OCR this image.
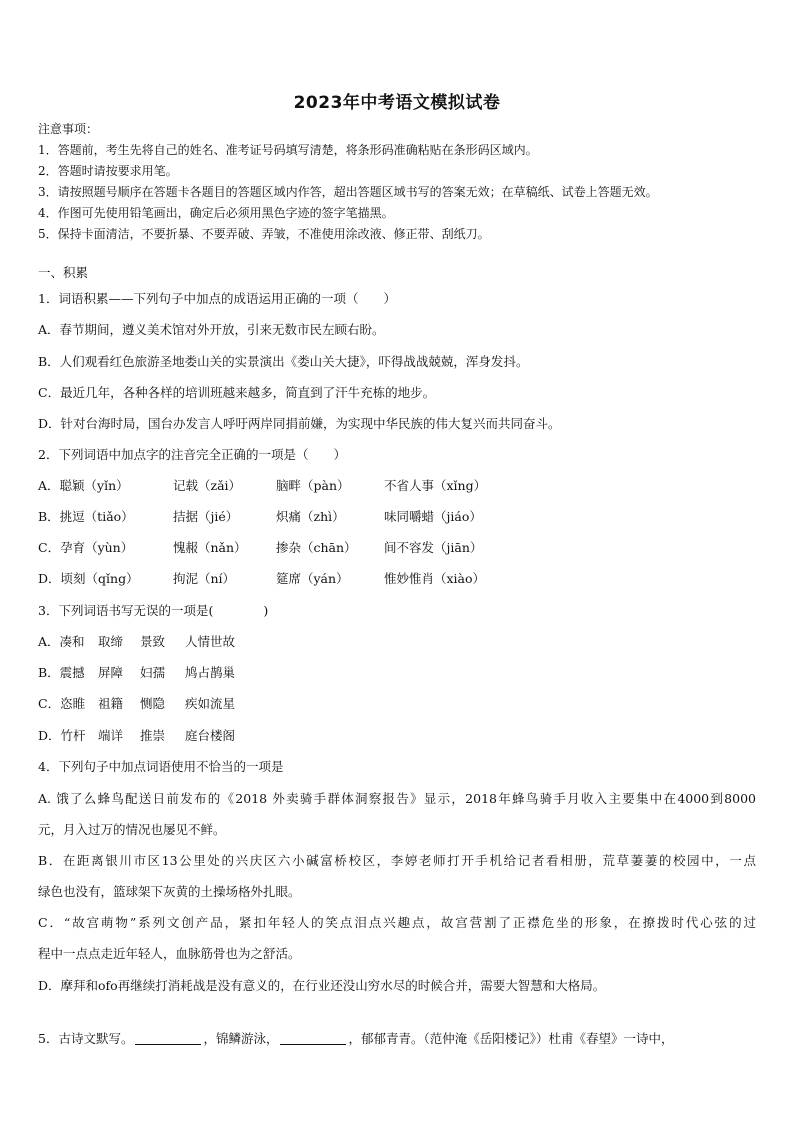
2023年中考语文模拟试卷
注意事项：
1．答题前，考生先将自己的姓名、准考证号码填写清楚，将条形码准确粘贴在条形码区域内。
2．答题时请按要求用笔。
3．请按照题号顺序在答题卡各题目的答题区域内作答，超出答题区域书写的答案无效；在草稿纸、试卷上答题无效。
4．作图可先使用铅笔画出，确定后必须用黑色字迹的签字笔描黑。
5．保持卡面清洁，不要折暴、不要弄破、弄皱，不准使用涂改液、修正带、刮纸刀。
一、积累
1．词语积累——下列句子中加点的成语运用正确的一项（　　）
A．春节期间，遵义美术馆对外开放，引来无数市民左顾右盼。
B．人们观看红色旅游圣地娄山关的实景演出《娄山关大捷》，吓得战战兢兢，浑身发抖。
C．最近几年，各种各样的培训班越来越多，简直到了汗牛充栋的地步。
D．针对台海时局，国台办发言人呼吁两岸同捐前嫌，为实现中华民族的伟大复兴而共同奋斗。
2．下列词语中加点字的注音完全正确的一项是（　　）
A．聪颖（yǐn）	记载（zǎi）	脑畔（pàn）	不省人事（xǐng）
B．挑逗（tiǎo）	拮据（jié）	炽痛（zhì）	味同嚼蜡（jiáo）
C．孕育（yùn）	愧赧（nǎn） 掺杂（chān） 间不容发（jiān）
D．顷刻（qǐng）	拘泥（ní）	筵席（yán）	惟妙惟肖（xiào）
3．下列词语书写无误的一项是(　　　　)
A．凑和 取缔 景致 人情世故
B．震撼 屏障 妇孺 鸠占鹊巢
C．恣睢 祖籍 恻隐 疾如流星
D．竹杆 端详 推崇 庭台楼阁
4．下列句子中加点词语使用不恰当的一项是
A. 饿了么蜂鸟配送日前发布的《2018 外卖骑手群体洞察报告》显示，2018年蜂鸟骑手月收入主要集中在4000到8000
元，月入过万的情况也屡见不鲜。
B．在距离银川市区13公里处的兴庆区六小碱富桥校区，李婷老师打开手机给记者看相册，荒草萋萋的校园中，一点
绿色也没有，篮球架下灰黄的土操场格外扎眼。
C．“故宫萌物”系列文创产品，紧扣年轻人的笑点泪点兴趣点，故宫营割了正襟危坐的形象，在撩拨时代心弦的过
程中一点点走近年轻人，血脉筋骨也为之舒活。
D．摩拜和ofo再继续打消耗战是没有意义的，在行业还没山穷水尽的时候合并，需要大智慧和大格局。
5．古诗文默写。	，锦鳞游泳，	，郁郁青青。（范仲淹《岳阳楼记》）杜甫《春望》一诗中，
